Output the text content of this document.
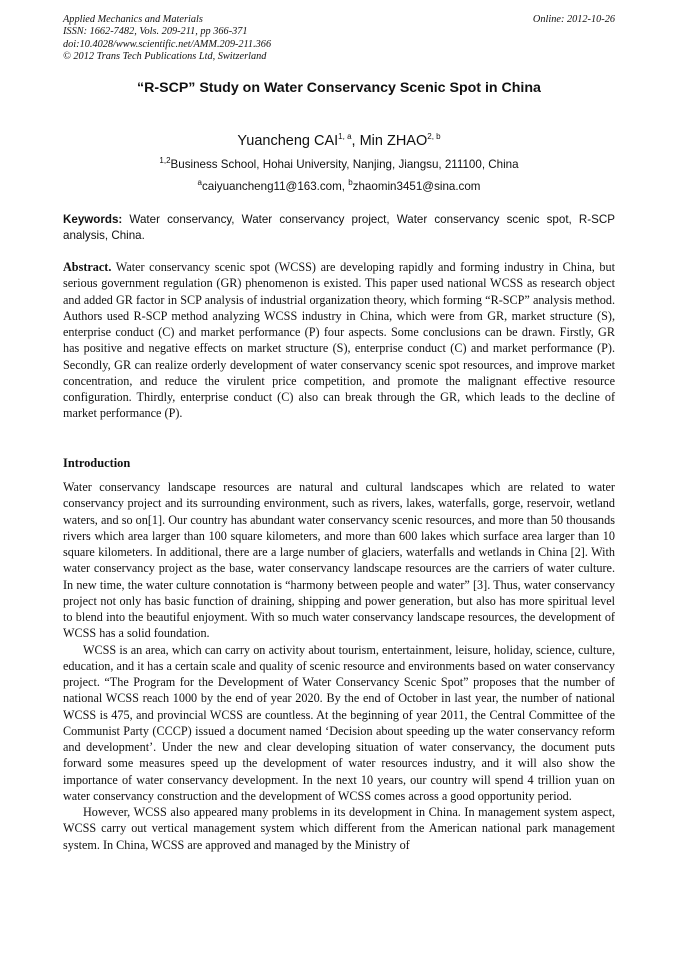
Applied Mechanics and Materials
ISSN: 1662-7482, Vols. 209-211, pp 366-371
doi:10.4028/www.scientific.net/AMM.209-211.366
© 2012 Trans Tech Publications Ltd, Switzerland
Online: 2012-10-26
“R-SCP” Study on Water Conservancy Scenic Spot in China
Yuancheng CAI$^{1, a}$, Min ZHAO$^{2, b}$
$^{1,2}$Business School, Hohai University, Nanjing, Jiangsu, 211100, China
$^a$caiyuancheng11@163.com, $^b$zhaomin3451@sina.com
Keywords: Water conservancy, Water conservancy project, Water conservancy scenic spot, R-SCP analysis, China.
Abstract. Water conservancy scenic spot (WCSS) are developing rapidly and forming industry in China, but serious government regulation (GR) phenomenon is existed. This paper used national WCSS as research object and added GR factor in SCP analysis of industrial organization theory, which forming “R-SCP” analysis method. Authors used R-SCP method analyzing WCSS industry in China, which were from GR, market structure (S), enterprise conduct (C) and market performance (P) four aspects. Some conclusions can be drawn. Firstly, GR has positive and negative effects on market structure (S), enterprise conduct (C) and market performance (P). Secondly, GR can realize orderly development of water conservancy scenic spot resources, and improve market concentration, and reduce the virulent price competition, and promote the malignant effective resource configuration. Thirdly, enterprise conduct (C) also can break through the GR, which leads to the decline of market performance (P).
Introduction

Water conservancy landscape resources are natural and cultural landscapes which are related to water conservancy project and its surrounding environment, such as rivers, lakes, waterfalls, gorge, reservoir, wetland waters, and so on[1]. Our country has abundant water conservancy scenic resources, and more than 50 thousands rivers which area larger than 100 square kilometers, and more than 600 lakes which surface area larger than 10 square kilometers. In additional, there are a large number of glaciers, waterfalls and wetlands in China [2]. With water conservancy project as the base, water conservancy landscape resources are the carriers of water culture. In new time, the water culture connotation is “harmony between people and water” [3]. Thus, water conservancy project not only has basic function of draining, shipping and power generation, but also has more spiritual level to blend into the beautiful enjoyment. With so much water conservancy landscape resources, the development of WCSS has a solid foundation.

WCSS is an area, which can carry on activity about tourism, entertainment, leisure, holiday, science, culture, education, and it has a certain scale and quality of scenic resource and environments based on water conservancy project. “The Program for the Development of Water Conservancy Scenic Spot” proposes that the number of national WCSS reach 1000 by the end of year 2020. By the end of October in last year, the number of national WCSS is 475, and provincial WCSS are countless. At the beginning of year 2011, the Central Committee of the Communist Party (CCCP) issued a document named ‘Decision about speeding up the water conservancy reform and development’. Under the new and clear developing situation of water conservancy, the document puts forward some measures speed up the development of water resources industry, and it will also show the importance of water conservancy development. In the next 10 years, our country will spend 4 trillion yuan on water conservancy construction and the development of WCSS comes across a good opportunity period.

However, WCSS also appeared many problems in its development in China. In management system aspect, WCSS carry out vertical management system which different from the American national park management system. In China, WCSS are approved and managed by the Ministry of
